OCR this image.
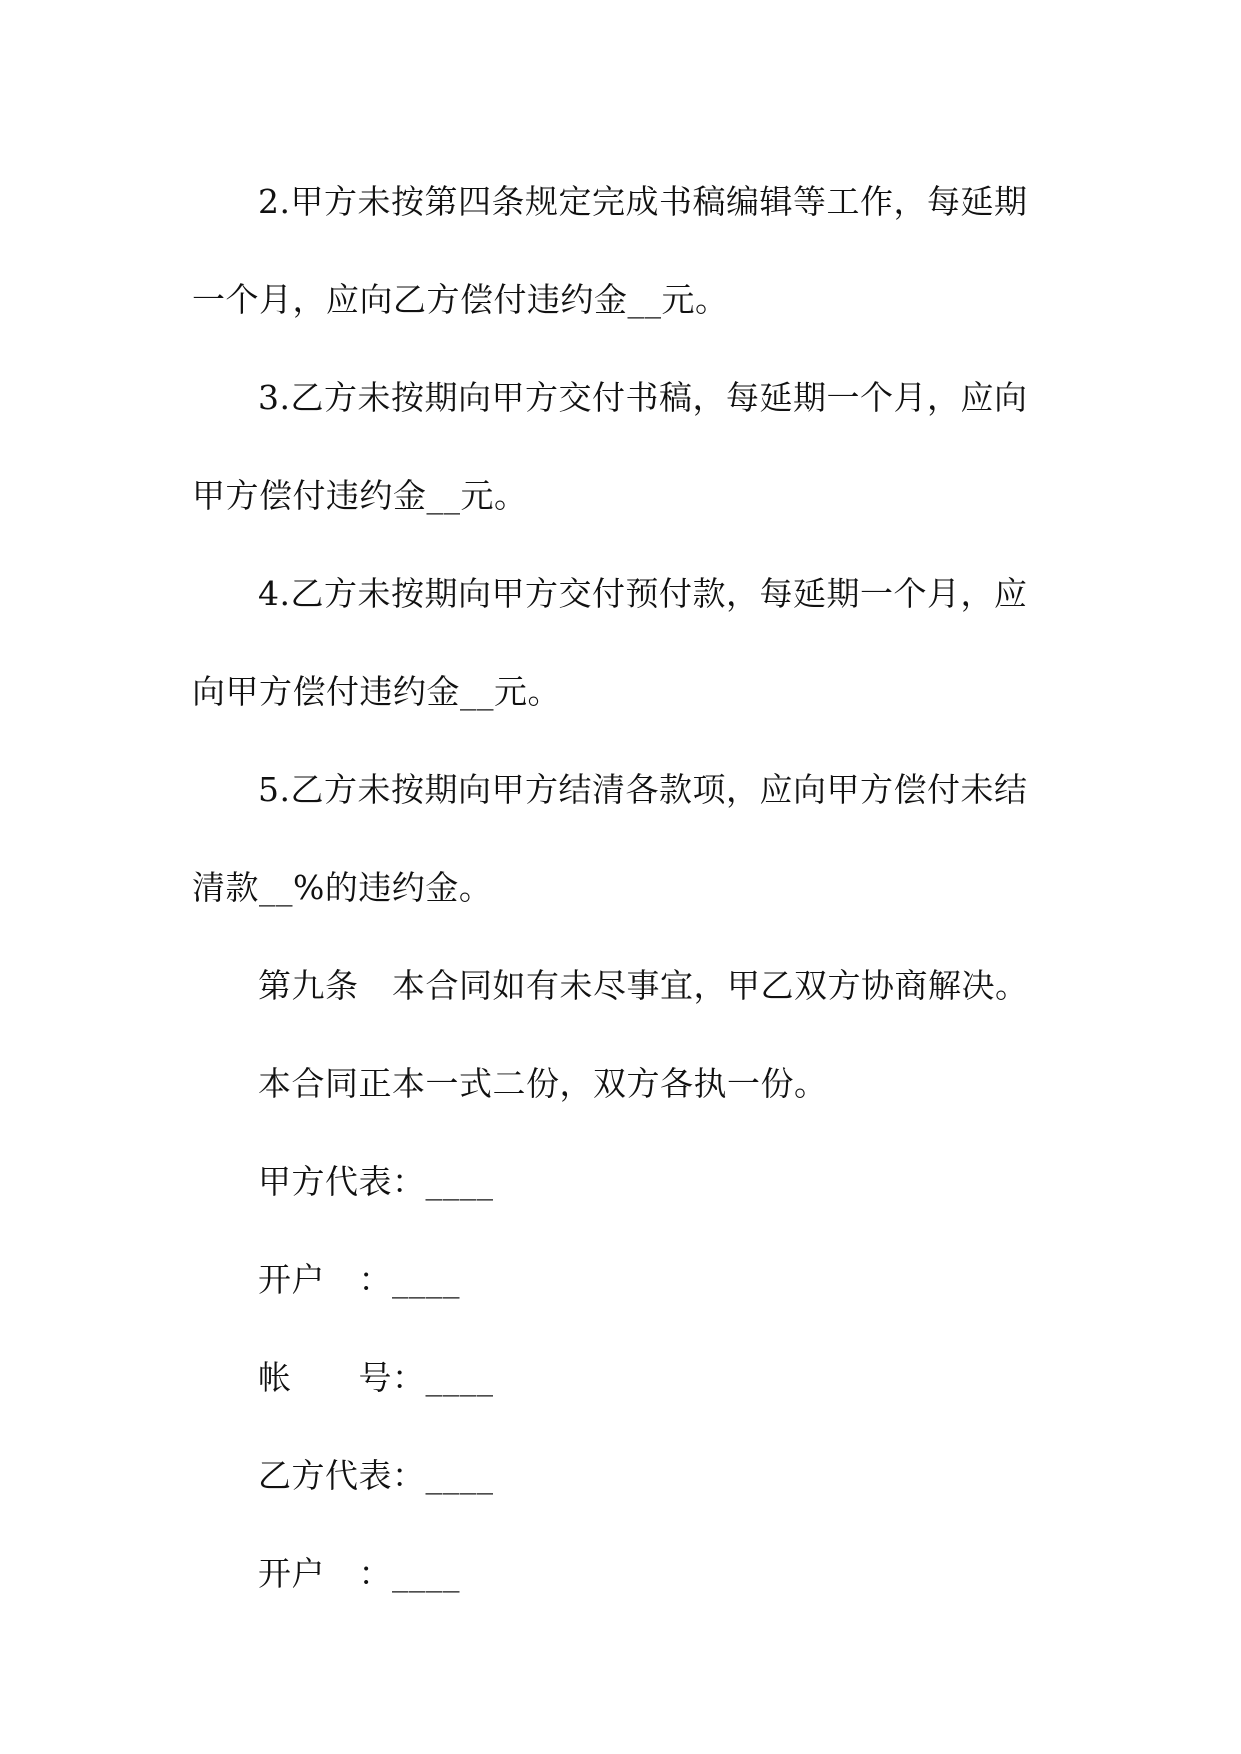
2.甲方未按第四条规定完成书稿编辑等工作，每延期
一个月，应向乙方偿付违约金__元。
3.乙方未按期向甲方交付书稿，每延期一个月，应向
甲方偿付违约金__元。
4.乙方未按期向甲方交付预付款，每延期一个月，应
向甲方偿付违约金__元。
5.乙方未按期向甲方结清各款项，应向甲方偿付未结
清款__%的违约金。
第九条　本合同如有未尽事宜，甲乙双方协商解决。
本合同正本一式二份，双方各执一份。
甲方代表：____
开户　：____
帐　　号：____
乙方代表：____
开户　：____
